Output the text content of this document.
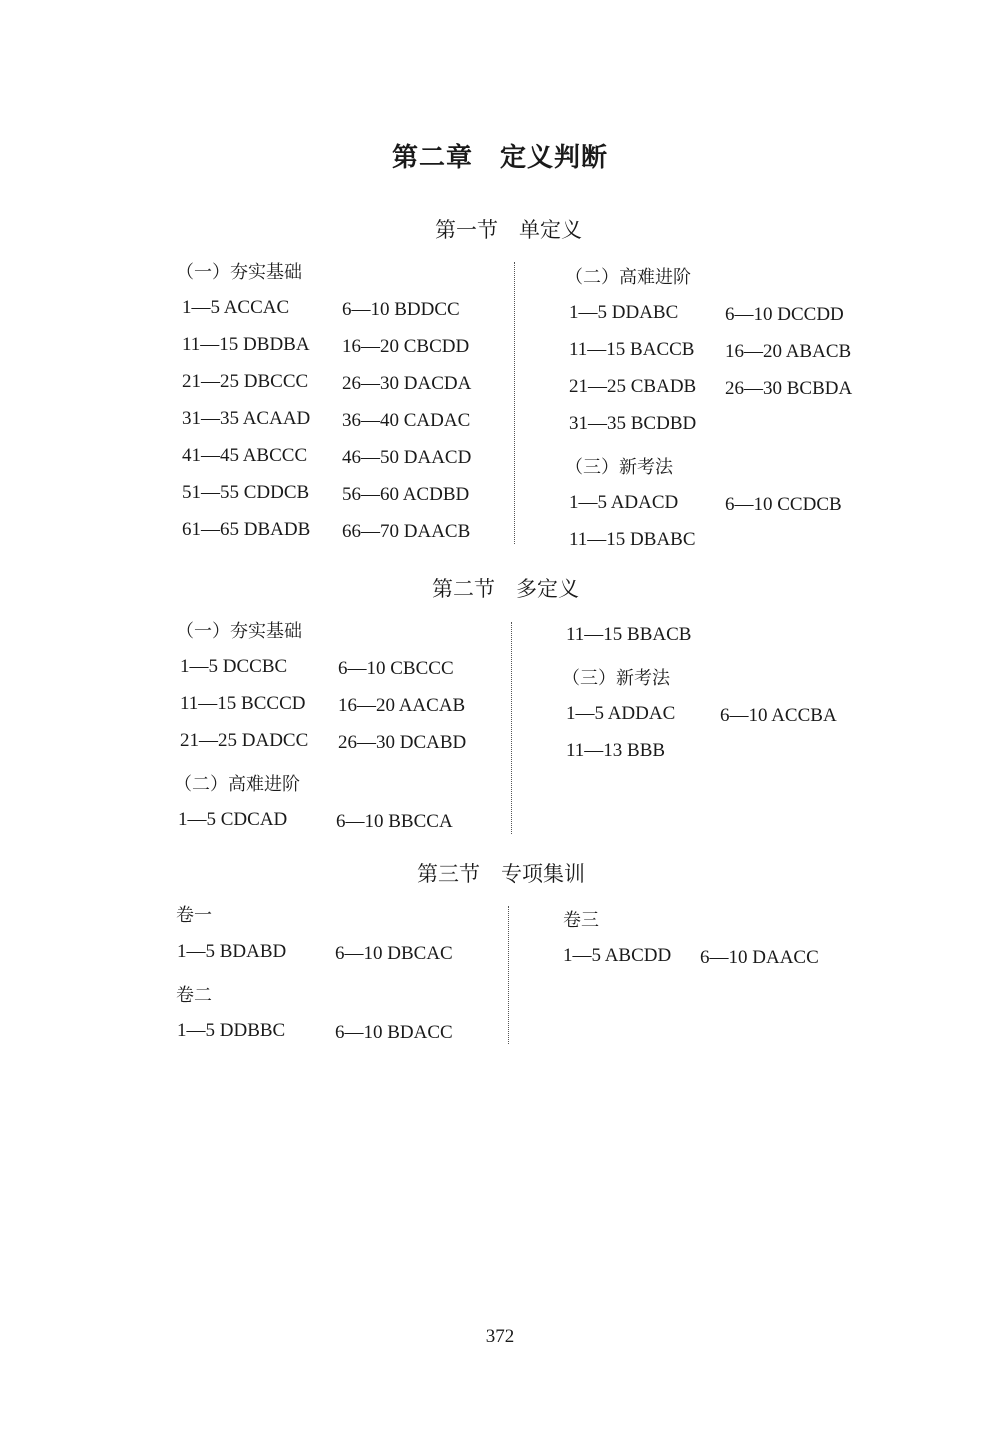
第二章　定义判断
第一节　单定义
（一）夯实基础
1—5 ACCAC	6—10 BDDCC
11—15 DBDBA 16—20 CBCDD
21—25 DBCCC 26—30 DACDA
31—35 ACAAD 36—40 CADAC
41—45 ABCCC 46—50 DAACD
51—55 CDDCB 56—60 ACDBD
61—65 DBADB 66—70 DAACB
（二）高难进阶
1—5 DDABC 6—10 DCCDD
11—15 BACCB 16—20 ABACB
21—25 CBADB 26—30 BCBDA
31—35 BCDBD
（三）新考法
1—5 ADACD 6—10 CCDCB
11—15 DBABC
第二节　多定义
（一）夯实基础
1—5 DCCBC	6—10 CBCCC
11—15 BCCCD 16—20 AACAB
21—25 DADCC 26—30 DCABD
（二）高难进阶
1—5 CDCAD	6—10 BBCCA
11—15 BBACB
（三）新考法
1—5 ADDAC 6—10 ACCBA
11—13 BBB
第三节　专项集训
卷一
1—5 BDABD	6—10 DBCAC
卷二
1—5 DDBBC	6—10 BDACC
卷三
1—5 ABCDD 6—10 DAACC
372
